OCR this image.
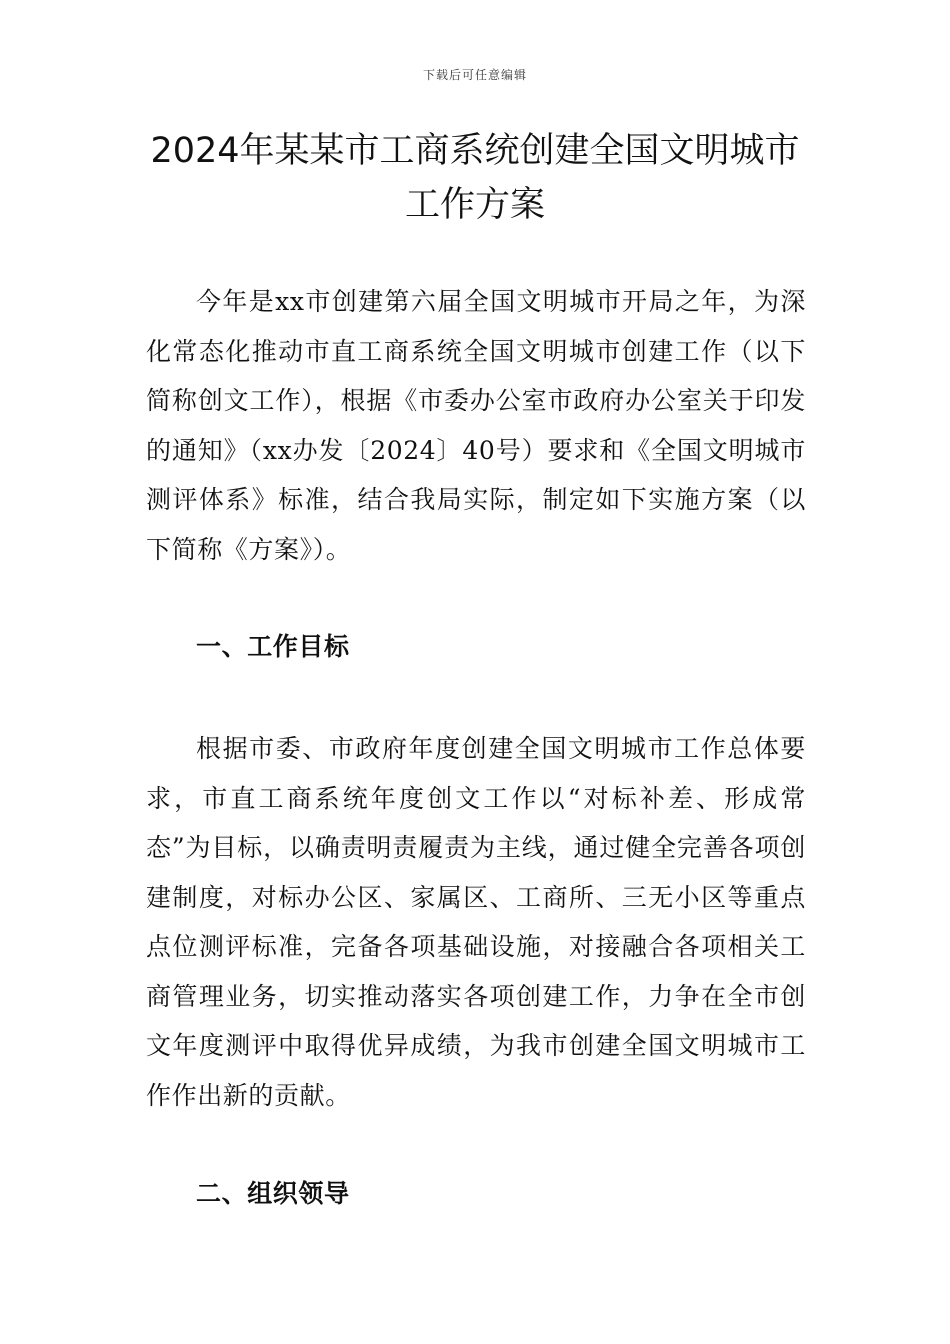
下载后可任意编辑
2024年某某市工商系统创建全国文明城市
工作方案

今年是xx市创建第六届全国文明城市开局之年，为深化常态化推动市直工商系统全国文明城市创建工作（以下简称创文工作），根据《市委办公室市政府办公室关于印发的通知》（xx办发〔2024〕40号）要求和《全国文明城市测评体系》标准，结合我局实际，制定如下实施方案（以下简称《方案》）。

一、工作目标

根据市委、市政府年度创建全国文明城市工作总体要求，市直工商系统年度创文工作以“对标补差、形成常态”为目标，以确责明责履责为主线，通过健全完善各项创建制度，对标办公区、家属区、工商所、三无小区等重点点位测评标准，完备各项基础设施，对接融合各项相关工商管理业务，切实推动落实各项创建工作，力争在全市创文年度测评中取得优异成绩，为我市创建全国文明城市工作作出新的贡献。

二、组织领导
